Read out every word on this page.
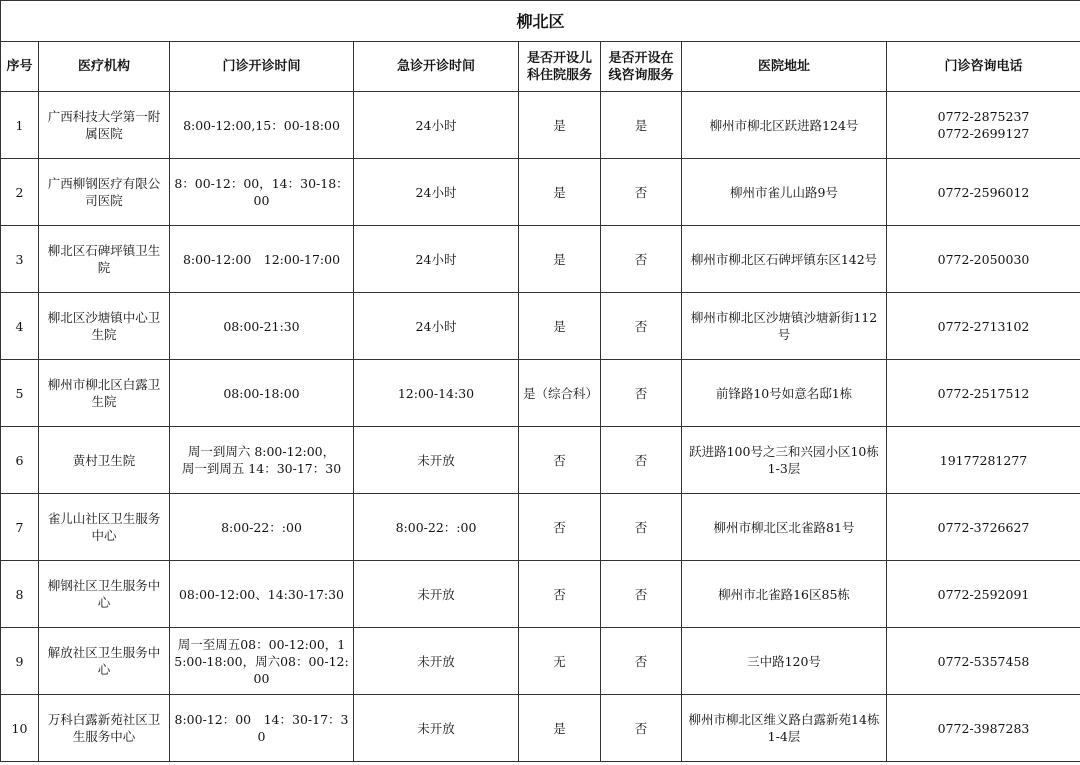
柳北区							
序号	医疗机构	门诊开诊时间	急诊开诊时间	是否开设儿科住院服务	是否开设在线咨询服务	医院地址	门诊咨询电话
1	广西科技大学第一附属医院	8:00-12:00,15：00-18:00	24小时	是	是	柳州市柳北区跃进路124号	0772-2875237
0772-2699127
2	广西柳钢医疗有限公司医院	8：00-12：00，14：30-18：00	24小时	是	否	柳州市雀儿山路9号	0772-2596012
3	柳北区石碑坪镇卫生院	8:00-12:00　12:00-17:00	24小时	是	否	柳州市柳北区石碑坪镇东区142号	0772-2050030
4	柳北区沙塘镇中心卫生院	08:00-21:30	24小时	是	否	柳州市柳北区沙塘镇沙塘新街112号	0772-2713102
5	柳州市柳北区白露卫生院	08:00-18:00	12:00-14:30	是（综合科）	否	前锋路10号如意名邸1栋	0772-2517512
6	黄村卫生院	周一到周六 8:00-12:00，
周一到周五 14：30-17：30	未开放	否	否	跃进路100号之三和兴园小区10栋1-3层	19177281277
7	雀儿山社区卫生服务中心	8:00-22：:00	8:00-22：:00	否	否	柳州市柳北区北雀路81号	0772-3726627
8	柳钢社区卫生服务中心	08:00-12:00、14:30-17:30	未开放	否	否	柳州市北雀路16区85栋	0772-2592091
9	解放社区卫生服务中心	周一至周五08：00-12:00，15:00-18:00，周六08：00-12:00	未开放	无	否	三中路120号	0772-5357458
10	万科白露新苑社区卫生服务中心	8:00-12：00　14：30-17：30	未开放	是	否	柳州市柳北区维义路白露新苑14栋1-4层	0772-3987283
